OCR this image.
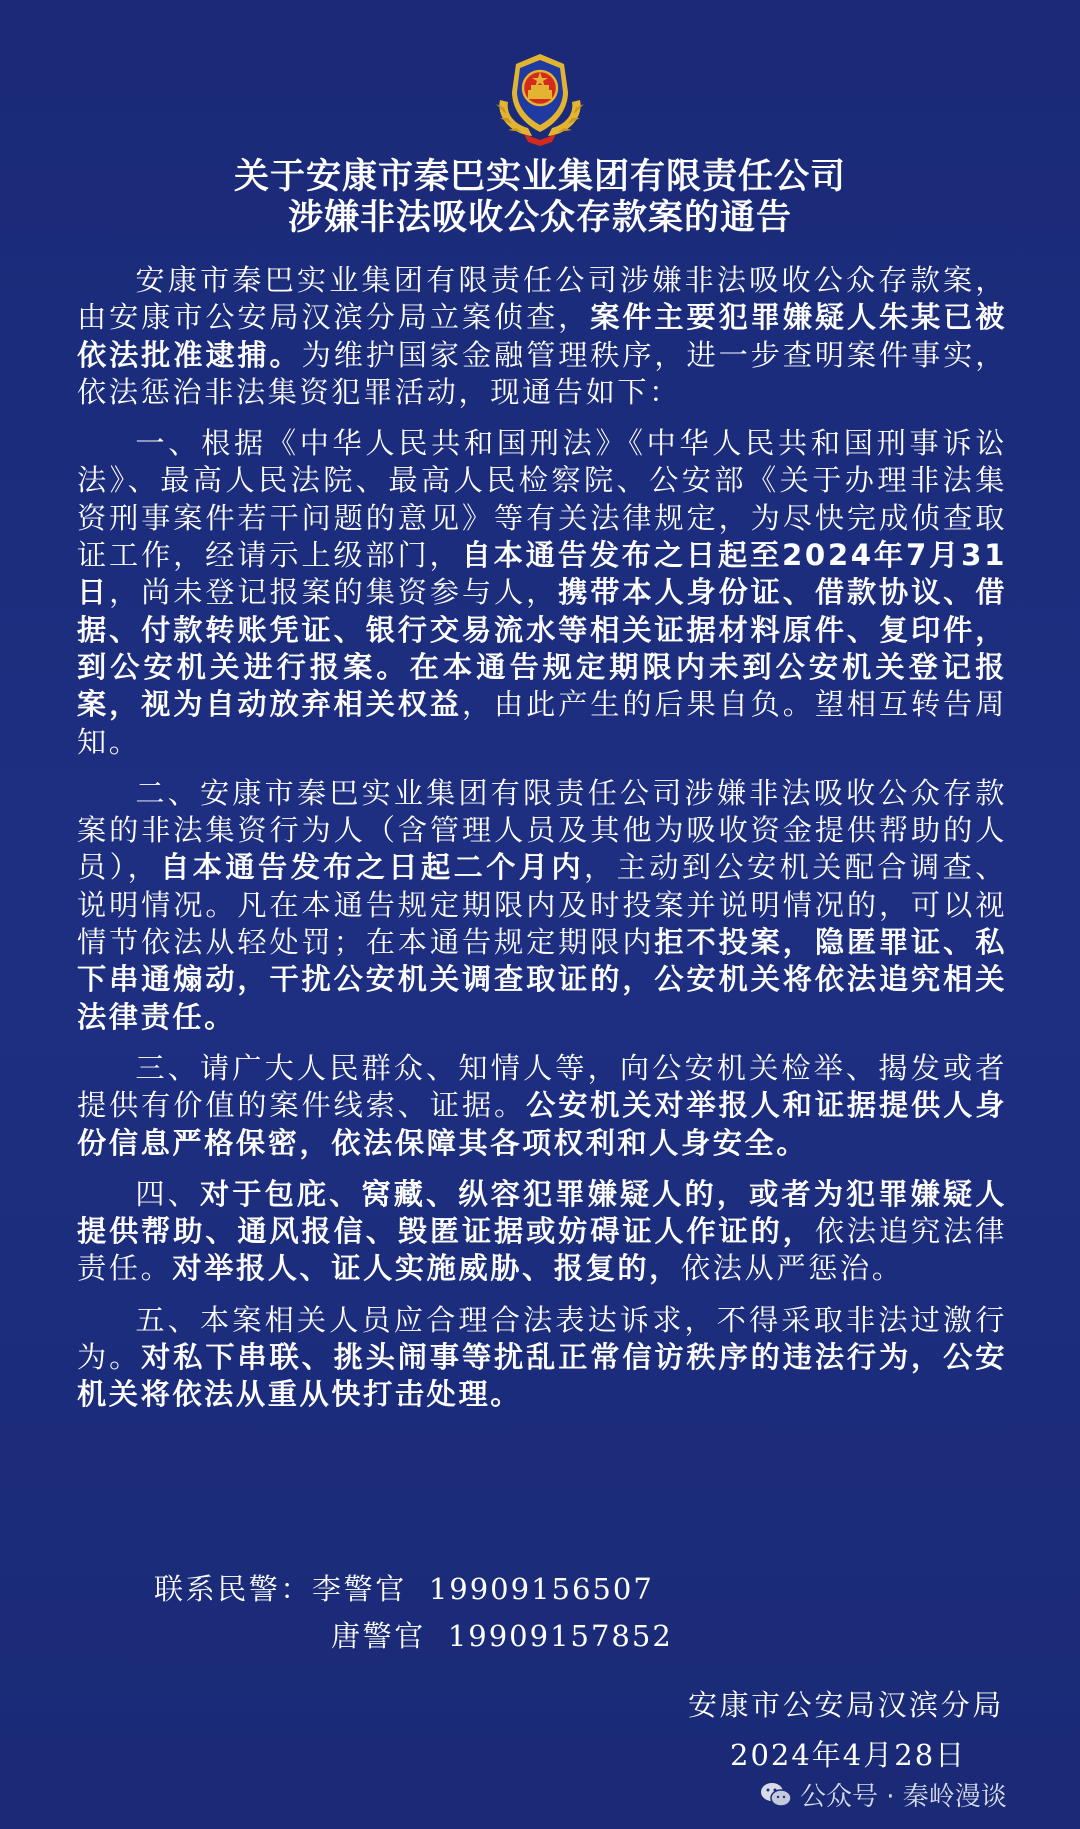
关于安康市秦巴实业集团有限责任公司
涉嫌非法吸收公众存款案的通告

安康市秦巴实业集团有限责任公司涉嫌非法吸收公众存款案，由安康市公安局汉滨分局立案侦查，案件主要犯罪嫌疑人朱某已被依法批准逮捕。为维护国家金融管理秩序，进一步查明案件事实，依法惩治非法集资犯罪活动，现通告如下：

一、根据《中华人民共和国刑法》《中华人民共和国刑事诉讼法》、最高人民法院、最高人民检察院、公安部《关于办理非法集资刑事案件若干问题的意见》等有关法律规定，为尽快完成侦查取证工作，经请示上级部门，自本通告发布之日起至2024年7月31日，尚未登记报案的集资参与人，携带本人身份证、借款协议、借据、付款转账凭证、银行交易流水等相关证据材料原件、复印件，到公安机关进行报案。在本通告规定期限内未到公安机关登记报案，视为自动放弃相关权益，由此产生的后果自负。望相互转告周知。

二、安康市秦巴实业集团有限责任公司涉嫌非法吸收公众存款案的非法集资行为人（含管理人员及其他为吸收资金提供帮助的人员），自本通告发布之日起二个月内，主动到公安机关配合调查、说明情况。凡在本通告规定期限内及时投案并说明情况的，可以视情节依法从轻处罚；在本通告规定期限内拒不投案，隐匿罪证、私下串通煽动，干扰公安机关调查取证的，公安机关将依法追究相关法律责任。

三、请广大人民群众、知情人等，向公安机关检举、揭发或者提供有价值的案件线索、证据。公安机关对举报人和证据提供人身份信息严格保密，依法保障其各项权利和人身安全。

四、对于包庇、窝藏、纵容犯罪嫌疑人的，或者为犯罪嫌疑人提供帮助、通风报信、毁匿证据或妨碍证人作证的，依法追究法律责任。对举报人、证人实施威胁、报复的，依法从严惩治。

五、本案相关人员应合理合法表达诉求，不得采取非法过激行为。对私下串联、挑头闹事等扰乱正常信访秩序的违法行为，公安机关将依法从重从快打击处理。

联系民警：李警官 19909156507
唐警官 19909157852
安康市公安局汉滨分局
2024年4月28日
公众号 · 秦岭漫谈
